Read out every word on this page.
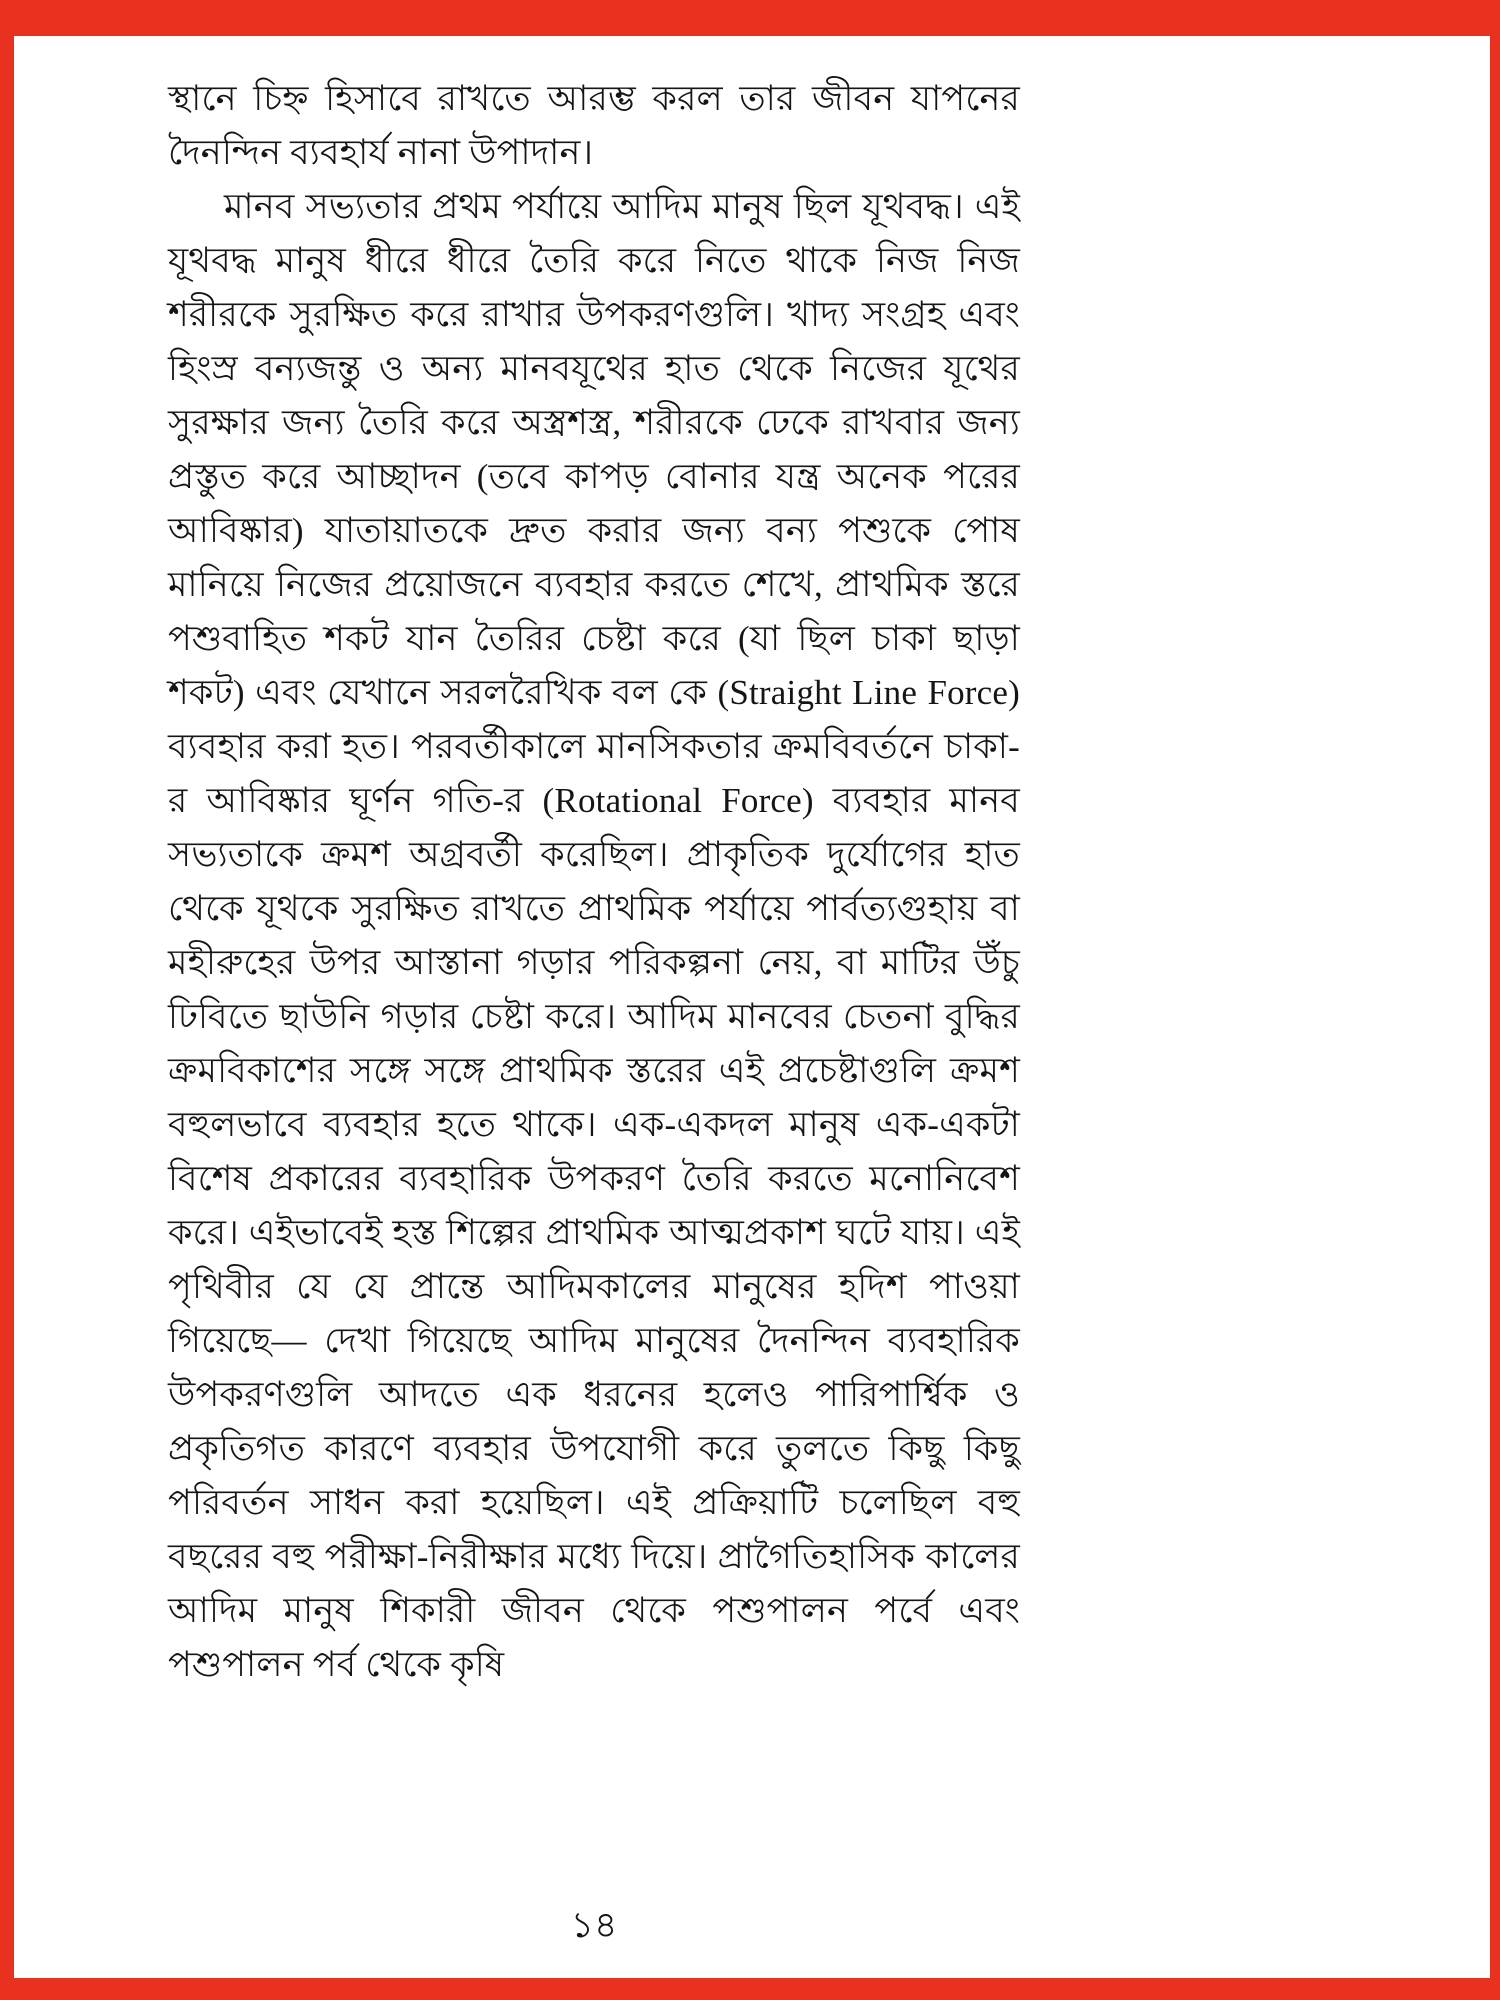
স্থানে চিহ্ন হিসাবে রাখতে আরম্ভ করল তার জীবন যাপনের দৈনন্দিন ব্যবহার্য নানা উপাদান।

মানব সভ্যতার প্রথম পর্যায়ে আদিম মানুষ ছিল যূথবদ্ধ। এই যূথবদ্ধ মানুষ ধীরে ধীরে তৈরি করে নিতে থাকে নিজ নিজ শরীরকে সুরক্ষিত করে রাখার উপকরণগুলি। খাদ্য সংগ্রহ এবং হিংস্র বন্যজন্তু ও অন্য মানবযূথের হাত থেকে নিজের যূথের সুরক্ষার জন্য তৈরি করে অস্ত্রশস্ত্র, শরীরকে ঢেকে রাখবার জন্য প্রস্তুত করে আচ্ছাদন (তবে কাপড় বোনার যন্ত্র অনেক পরের আবিষ্কার) যাতায়াতকে দ্রুত করার জন্য বন্য পশুকে পোষ মানিয়ে নিজের প্রয়োজনে ব্যবহার করতে শেখে, প্রাথমিক স্তরে পশুবাহিত শকট যান তৈরির চেষ্টা করে (যা ছিল চাকা ছাড়া শকট) এবং যেখানে সরলরৈখিক বল কে (Straight Line Force) ব্যবহার করা হত। পরবর্তীকালে মানসিকতার ক্রমবিবর্তনে চাকা-র আবিষ্কার ঘূর্ণন গতি-র (Rotational Force) ব্যবহার মানব সভ্যতাকে ক্রমশ অগ্রবর্তী করেছিল। প্রাকৃতিক দুর্যোগের হাত থেকে যূথকে সুরক্ষিত রাখতে প্রাথমিক পর্যায়ে পার্বত্যগুহায় বা মহীরুহের উপর আস্তানা গড়ার পরিকল্পনা নেয়, বা মাটির উঁচু ঢিবিতে ছাউনি গড়ার চেষ্টা করে। আদিম মানবের চেতনা বুদ্ধির ক্রমবিকাশের সঙ্গে সঙ্গে প্রাথমিক স্তরের এই প্রচেষ্টাগুলি ক্রমশ বহুলভাবে ব্যবহার হতে থাকে। এক-একদল মানুষ এক-একটা বিশেষ প্রকারের ব্যবহারিক উপকরণ তৈরি করতে মনোনিবেশ করে। এইভাবেই হস্ত শিল্পের প্রাথমিক আত্মপ্রকাশ ঘটে যায়। এই পৃথিবীর যে যে প্রান্তে আদিমকালের মানুষের হদিশ পাওয়া গিয়েছে— দেখা গিয়েছে আদিম মানুষের দৈনন্দিন ব্যবহারিক উপকরণগুলি আদতে এক ধরনের হলেও পারিপার্শ্বিক ও প্রকৃতিগত কারণে ব্যবহার উপযোগী করে তুলতে কিছু কিছু পরিবর্তন সাধন করা হয়েছিল। এই প্রক্রিয়াটি চলেছিল বহু বছরের বহু পরীক্ষা-নিরীক্ষার মধ্যে দিয়ে। প্রাগৈতিহাসিক কালের আদিম মানুষ শিকারী জীবন থেকে পশুপালন পর্বে এবং পশুপালন পর্ব থেকে কৃষি

১৪
